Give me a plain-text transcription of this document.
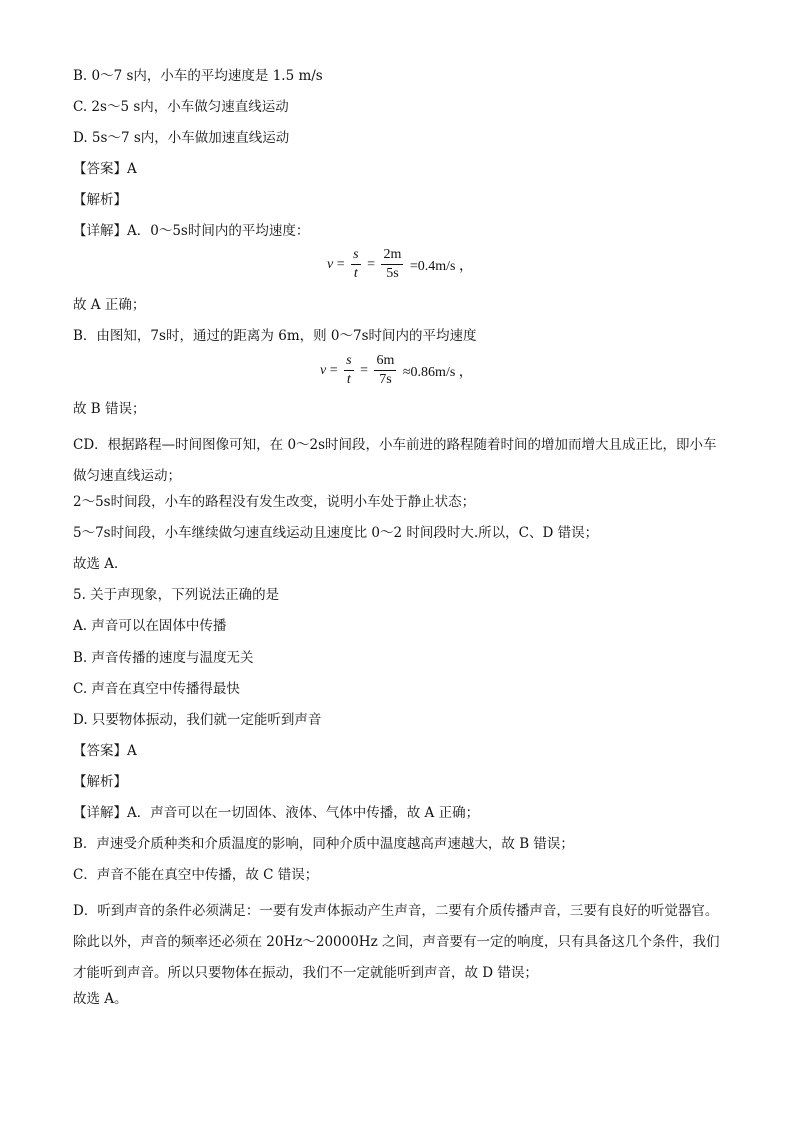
B. 0～7 s内，小车的平均速度是 1.5 m/s
C. 2s～5 s内，小车做匀速直线运动
D. 5s～7 s内，小车做加速直线运动
【答案】A
【解析】
【详解】A．0～5s时间内的平均速度：
$v = \frac{s}{t} = \frac{2m}{5s} =0.4m/s$ ，
故 A 正确；
B．由图知，7s时，通过的距离为 6m，则 0～7s时间内的平均速度
$v = \frac{s}{t} = \frac{6m}{7s} \approx 0.86m/s$ ，
故 B 错误；
CD．根据路程—时间图像可知，在 0～2s时间段，小车前进的路程随着时间的增加而增大且成正比，即小车做匀速直线运动；
2～5s时间段，小车的路程没有发生改变，说明小车处于静止状态；
5～7s时间段，小车继续做匀速直线运动且速度比 0～2 时间段时大.所以，C、D 错误；
故选 A．
5. 关于声现象，下列说法正确的是
A. 声音可以在固体中传播
B. 声音传播的速度与温度无关
C. 声音在真空中传播得最快
D. 只要物体振动，我们就一定能听到声音
【答案】A
【解析】
【详解】A．声音可以在一切固体、液体、气体中传播，故 A 正确；
B．声速受介质种类和介质温度的影响，同种介质中温度越高声速越大，故 B 错误；
C．声音不能在真空中传播，故 C 错误；
D．听到声音的条件必须满足：一要有发声体振动产生声音，二要有介质传播声音，三要有良好的听觉器官。除此以外，声音的频率还必须在 20Hz～20000Hz 之间，声音要有一定的响度，只有具备这几个条件，我们才能听到声音。所以只要物体在振动，我们不一定就能听到声音，故 D 错误；
故选 A。
